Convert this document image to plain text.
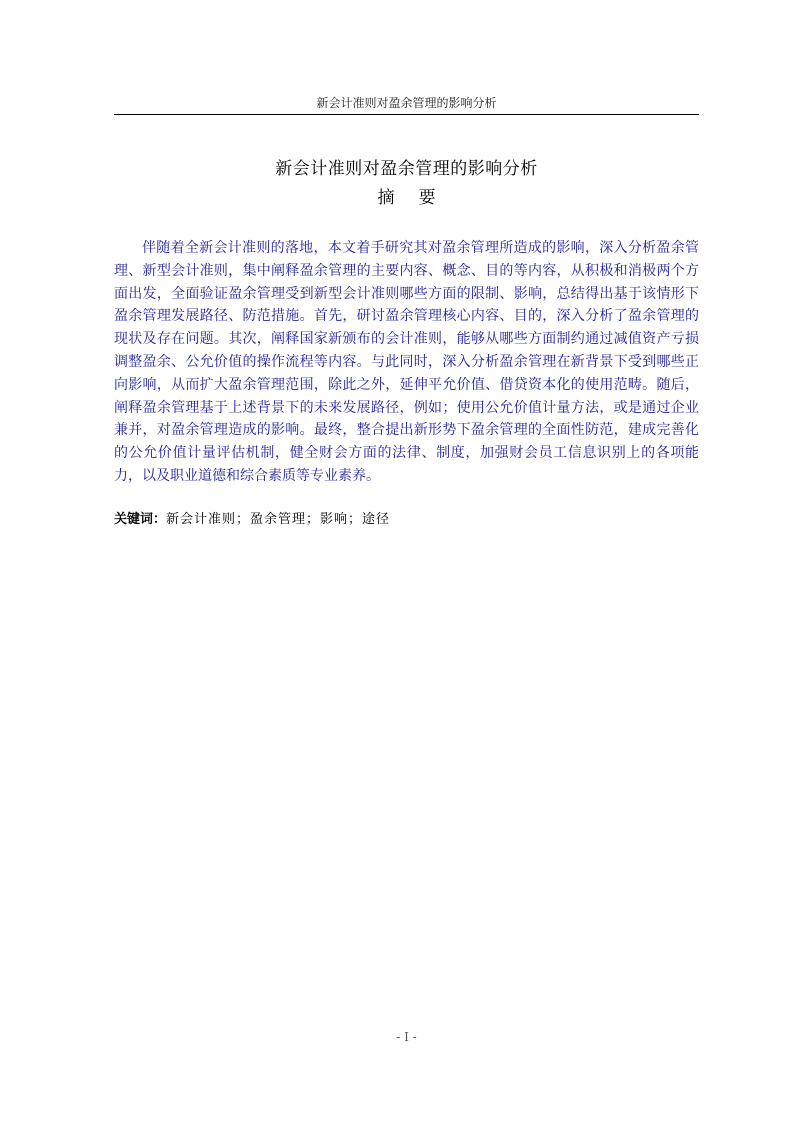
新会计准则对盈余管理的影响分析
新会计准则对盈余管理的影响分析
摘要

伴随着全新会计准则的落地，本文着手研究其对盈余管理所造成的影响，深入分析盈余管理、新型会计准则，集中阐释盈余管理的主要内容、概念、目的等内容，从积极和消极两个方面出发，全面验证盈余管理受到新型会计准则哪些方面的限制、影响，总结得出基于该情形下盈余管理发展路径、防范措施。首先，研讨盈余管理核心内容、目的，深入分析了盈余管理的现状及存在问题。其次，阐释国家新颁布的会计准则，能够从哪些方面制约通过减值资产亏损调整盈余、公允价值的操作流程等内容。与此同时，深入分析盈余管理在新背景下受到哪些正向影响，从而扩大盈余管理范围，除此之外，延伸平允价值、借贷资本化的使用范畴。随后，阐释盈余管理基于上述背景下的未来发展路径，例如；使用公允价值计量方法，或是通过企业兼并，对盈余管理造成的影响。最终，整合提出新形势下盈余管理的全面性防范，建成完善化的公允价值计量评估机制，健全财会方面的法律、制度，加强财会员工信息识别上的各项能力，以及职业道德和综合素质等专业素养。

关键词：新会计准则；盈余管理；影响；途径
- I -
